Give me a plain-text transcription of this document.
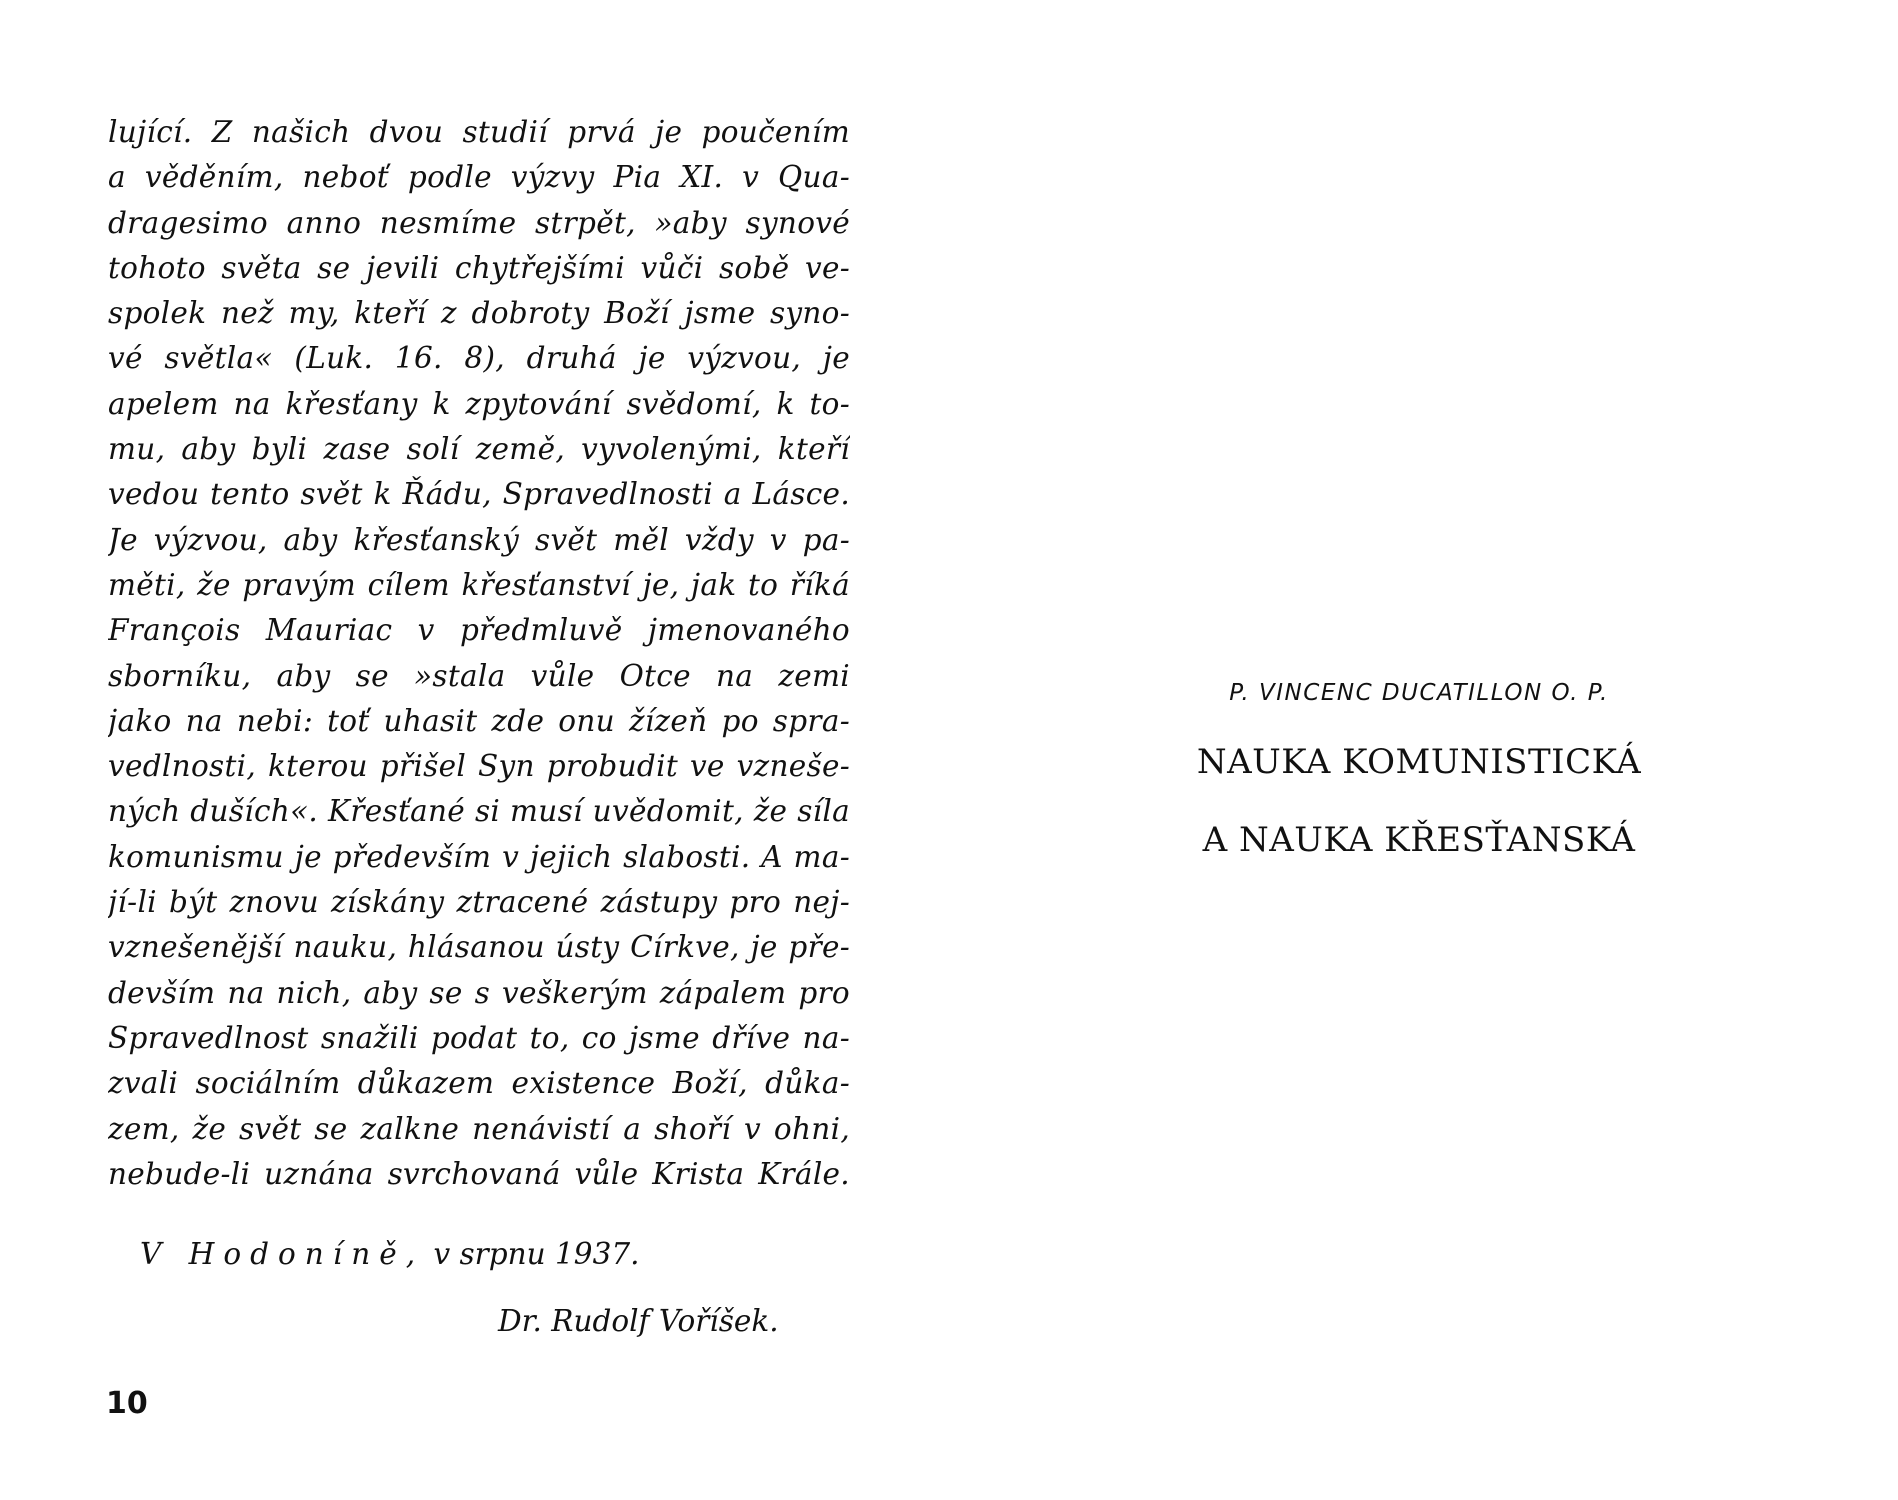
lující. Z našich dvou studií prvá je poučením
a věděním, neboť podle výzvy Pia XI. v Qua-
dragesimo anno nesmíme strpět, »aby synové
tohoto světa se jevili chytřejšími vůči sobě ve-
spolek než my, kteří z dobroty Boží jsme syno-
vé světla« (Luk. 16. 8), druhá je výzvou, je
apelem na křesťany k zpytování svědomí, k to-
mu, aby byli zase solí země, vyvolenými, kteří
vedou tento svět k Řádu, Spravedlnosti a Lásce.
Je výzvou, aby křesťanský svět měl vždy v pa-
měti, že pravým cílem křesťanství je, jak to říká
François Mauriac v předmluvě jmenovaného
sborníku, aby se »stala vůle Otce na zemi
jako na nebi: toť uhasit zde onu žízeň po spra-
vedlnosti, kterou přišel Syn probudit ve vzneše-
ných duších«. Křesťané si musí uvědomit, že síla
komunismu je především v jejich slabosti. A ma-
jí-li být znovu získány ztracené zástupy pro nej-
vznešenější nauku, hlásanou ústy Církve, je pře-
devším na nich, aby se s veškerým zápalem pro
Spravedlnost snažili podat to, co jsme dříve na-
zvali sociálním důkazem existence Boží, důka-
zem, že svět se zalkne nenávistí a shoří v ohni,
nebude-li uznána svrchovaná vůle Krista Krále.
V Hodoníně, v srpnu 1937.
Dr. Rudolf Voříšek.
10
P. VINCENC DUCATILLON O. P.
NAUKA KOMUNISTICKÁ
A NAUKA KŘESŤANSKÁ
